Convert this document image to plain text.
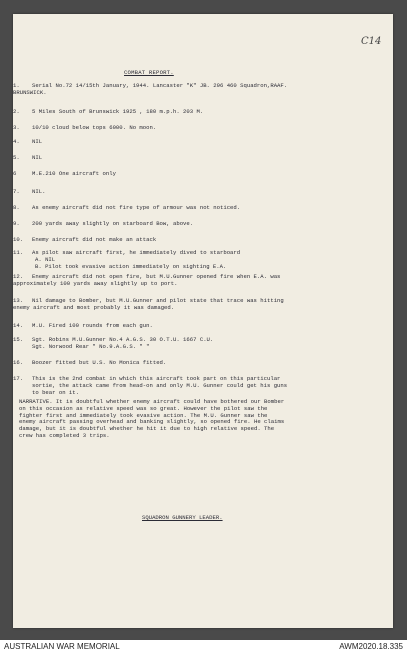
C14
COMBAT REPORT.
1. Serial No.72 14/15th January, 1944. Lancaster "K" JB. 296 460 Squadron,RAAF.
BRUNSWICK.
2. 5 Miles South of Brunswick 1925 , 180 m.p.h. 203 M.
3. 10/10 cloud below tops 6000. No moon.
4. NIL
5. NIL
6	M.E.210 One aircraft only
7. NIL.
8. As enemy aircraft did not fire type of armour was not noticed.
9. 200 yards away slightly on starboard Bow, above.
10. Enemy aircraft did not make an attack
11. As pilot saw aircraft first, he immediately dived to starboard
A. NIL
B. Pilot took evasive action immediately on sighting E.A.
12. Enemy aircraft did not open fire, but M.U.Gunner opened fire when E.A. was
approximately 100 yards away slightly up to port.
13. Nil damage to Bomber, but M.U.Gunner and pilot state that trace was hitting
enemy aircraft and most probably it was damaged.
14. M.U. Fired 100 rounds from each gun.
15. Sgt. Robins M.U.Gunner No.4 A.G.S. 30 O.T.U. 1667 C.U.
Sgt. Norwood Rear " No.9.A.G.S. " "
16. Boozer fitted but U.S. No Monica fitted.
17. This is the 2nd combat in which this aircraft took part on this particular
sortie, the attack came from head-on and only M.U. Gunner could get his guns
to bear on it.
NARRATIVE. It is doubtful whether enemy aircraft could have bothered our Bomber
on this occasion as relative speed was so great. However the pilot saw the
fighter first and immediately took evasive action. The M.U. Gunner saw the
enemy aircraft passing overhead and banking slightly, so opened fire. He claims
damage, but it is doubtful whether he hit it due to high relative speed. The
crew has completed 3 trips.
SQUADRON GUNNERY LEADER.
AUSTRALIAN WAR MEMORIAL	AWM2020.18.335
